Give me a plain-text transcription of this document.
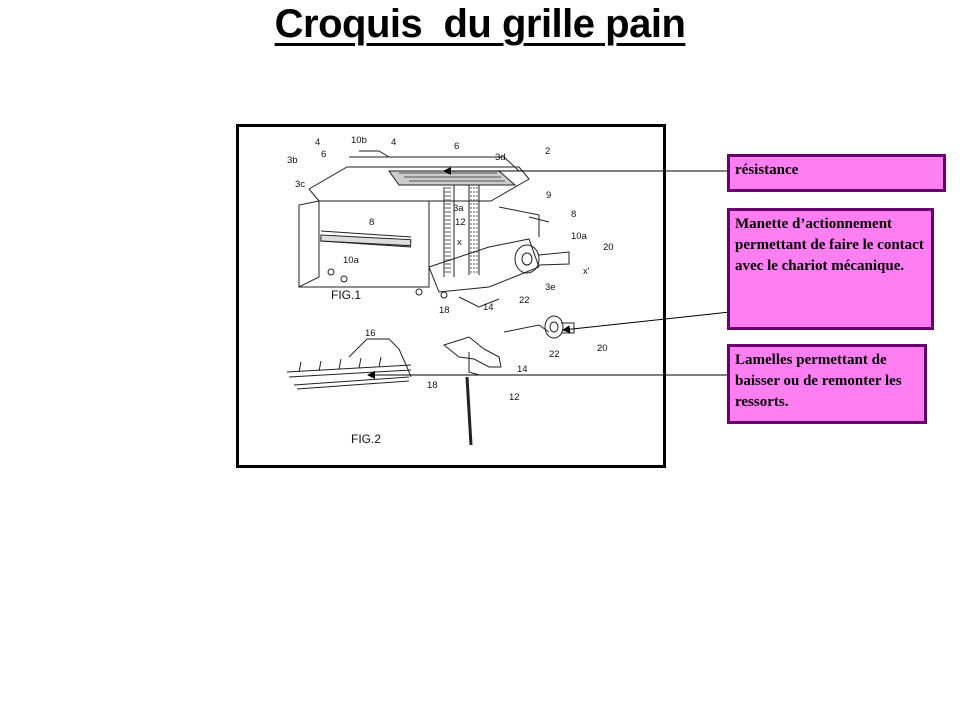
Croquis  du grille pain
4	10b	4
6
6
3b	3d
2
3c
9
3a
8
8
12
10a
x	20
x'
10a
3e
22
18	14
16
22
20
14
18
12
FIG.1
FIG.2
résistance
Manette d’actionnement permettant de faire le contact avec le chariot mécanique.
Lamelles permettant de baisser ou de remonter les ressorts.
